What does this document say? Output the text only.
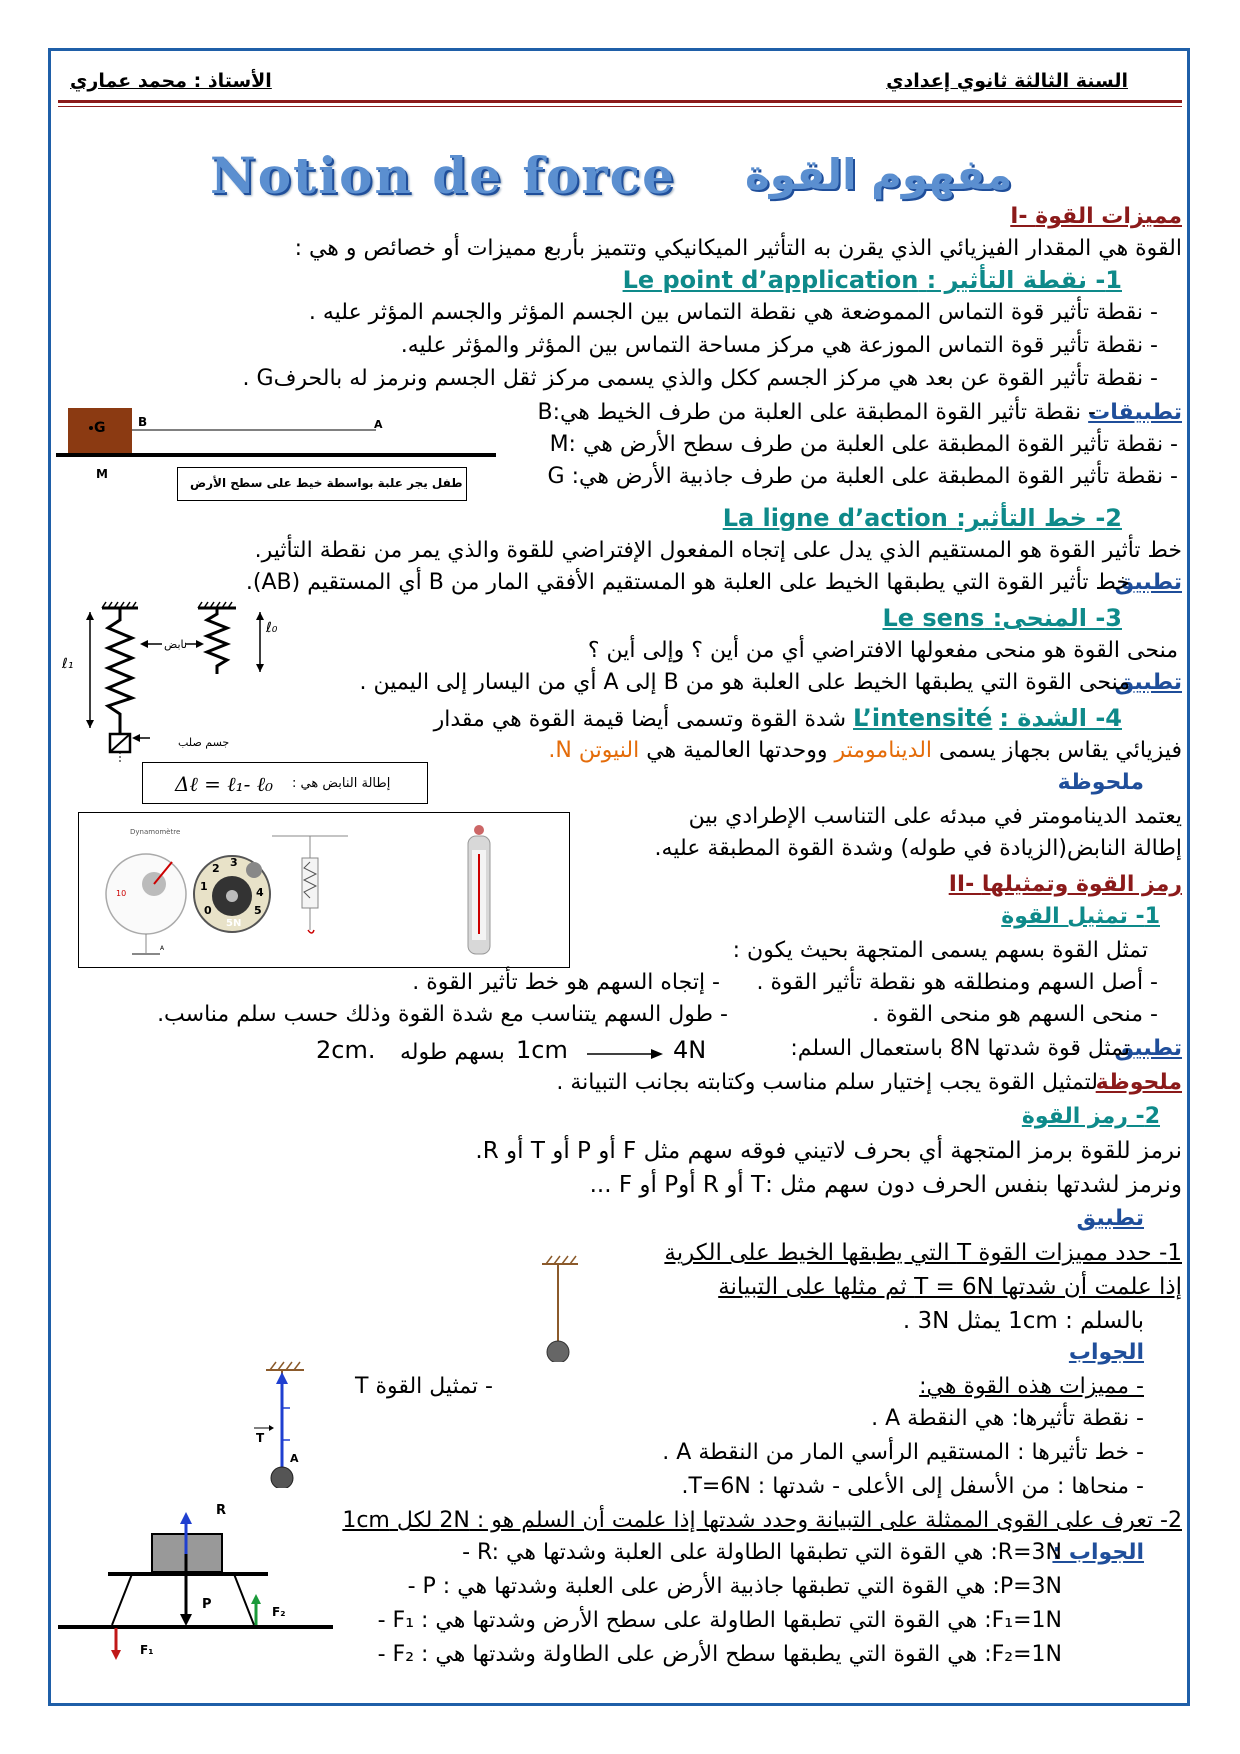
السنة الثالثة ثانوي إعدادي
الأستاذ : محمد عماري
Notion de force مفهوم القوة
I- مميزات القوة
القوة هي المقدار الفيزيائي الذي يقرن به التأثير الميكانيكي وتتميز بأربع مميزات أو خصائص و هي :
1- نقطة التأثير : Le point d’application
- نقطة تأثير قوة التماس المموضعة هي نقطة التماس بين الجسم المؤثر والجسم المؤثر عليه .
- نقطة تأثير قوة التماس الموزعة هي مركز مساحة التماس بين المؤثر والمؤثر عليه.
- نقطة تأثير القوة عن بعد هي مركز الجسم ككل والذي يسمى مركز ثقل الجسم ونرمز له بالحرفG .
تطبيقات
- نقطة تأثير القوة المطبقة على العلبة من طرف الخيط هي:B
- نقطة تأثير القوة المطبقة على العلبة من طرف سطح الأرض هي :M
- نقطة تأثير القوة المطبقة على العلبة من طرف جاذبية الأرض هي: G
G	B	A
M
طفل يجر علبة بواسطة خيط على سطح الأرض
2- خط التأثير: La ligne d’action
خط تأثير القوة هو المستقيم الذي يدل على إتجاه المفعول الإفتراضي للقوة والذي يمر من نقطة التأثير.
تطبيق
خط تأثير القوة التي يطبقها الخيط على العلبة هو المستقيم الأفقي المار من B أي المستقيم (AB).
3- المنحى: Le sens
منحى القوة هو منحى مفعولها الافتراضي أي من أين ؟ وإلى أين ؟
تطبيق
منحى القوة التي يطبقها الخيط على العلبة هو من B إلى A أي من اليسار إلى اليمين .
4- الشدة : L’intensité شدة القوة وتسمى أيضا قيمة القوة هي مقدار
فيزيائي يقاس بجهاز يسمى الدينامومتر ووحدتها العالمية هي النيوتن N.
ملحوظة
يعتمد الدينامومتر في مبدئه على التناسب الإطرادي بين
إطالة النابض(الزيادة في طوله) وشدة القوة المطبقة عليه.
ℓ₁
ℓ₀
نابض
جسم صلب
Δℓ = ℓ₁- ℓ₀ إطالة النابض هي :
Dynamomètre
10
A
2 3
1	4
5
0
5N
II- رمز القوة وتمثيلها
1- تمثيل القوة
تمثل القوة بسهم يسمى المتجهة بحيث يكون :
- أصل السهم ومنطلقه هو نقطة تأثير القوة .
- إتجاه السهم هو خط تأثير القوة .
- منحى السهم هو منحى القوة .
- طول السهم يتناسب مع شدة القوة وذلك حسب سلم مناسب.
تطبيق
تمثل قوة شدتها 8N باستعمال السلم:
4N
1cm
بسهم طوله
2cm.
ملحوظة
لتمثيل القوة يجب إختيار سلم مناسب وكتابته بجانب التبيانة .
2- رمز القوة
نرمز للقوة برمز المتجهة أي بحرف لاتيني فوقه سهم مثل F أو P أو T أو R.
ونرمز لشدتها بنفس الحرف دون سهم مثل :T أو R أوP أو F ...
تطبيق
1- حدد مميزات القوة T التي يطبقها الخيط على الكرية
إذا علمت أن شدتها T = 6N ثم مثلها على التبيانة
بالسلم : 1cm يمثل 3N .
الجواب
- مميزات هذه القوة هي:
- نقطة تأثيرها: هي النقطة A .
- خط تأثيرها : المستقيم الرأسي المار من النقطة A .
- منحاها : من الأسفل إلى الأعلى - شدتها : T=6N.
- تمثيل القوة T
T
A
2- تعرف على القوى الممثلة على التبيانة وحدد شدتها إذا علمت أن السلم هو : 2N لكل 1cm
الجواب :
- R: هي القوة التي تطبقها الطاولة على العلبة وشدتها هي :R=3N
- P : هي القوة التي تطبقها جاذبية الأرض على العلبة وشدتها هي :P=3N
- F₁ : هي القوة التي تطبقها الطاولة على سطح الأرض وشدتها هي :F₁=1N
- F₂ : هي القوة التي يطبقها سطح الأرض على الطاولة وشدتها هي :F₂=1N
R
P	F₂
F₁
